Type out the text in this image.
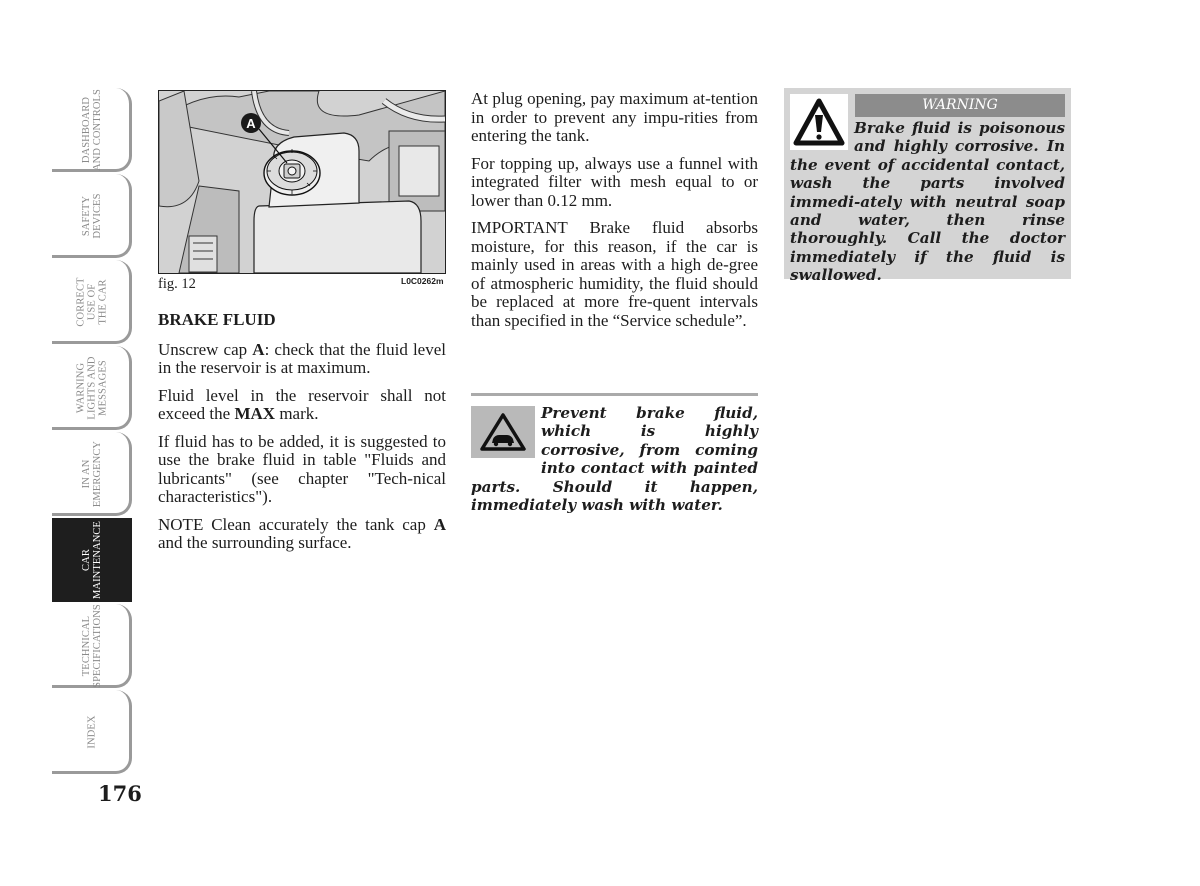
DASHBOARD
AND CONTROLS
SAFETY
DEVICES
CORRECT
USE OF
THE CAR
WARNING
LIGHTS AND
MESSAGES
IN AN
EMERGENCY
CAR
MAINTENANCE
TECHNICAL
SPECIFICATIONS
INDEX
176
A
fig. 12	L0C0262m

BRAKE FLUID

Unscrew cap A: check that the fluid level in the reservoir is at maximum.

Fluid level in the reservoir shall not exceed the MAX mark.

If fluid has to be added, it is suggested to use the brake fluid in table "Fluids and lubricants" (see chapter "Tech-nical characteristics").

NOTE Clean accurately the tank cap A and the surrounding surface.

At plug opening, pay maximum at-tention in order to prevent any impu-rities from entering the tank.

For topping up, always use a funnel with integrated filter with mesh equal to or lower than 0.12 mm.

IMPORTANT Brake fluid absorbs moisture, for this reason, if the car is mainly used in areas with a high de-gree of atmospheric humidity, the fluid should be replaced at more fre-quent intervals than specified in the “Service schedule”.

Prevent brake fluid, which is highly corrosive, from coming into contact with painted parts. Should it happen, immediately wash with water.

WARNING

Brake fluid is poisonous and highly corrosive. In the event of accidental contact, wash the parts involved immedi-ately with neutral soap and water, then rinse thoroughly. Call the doctor immediately if the fluid is swallowed.
